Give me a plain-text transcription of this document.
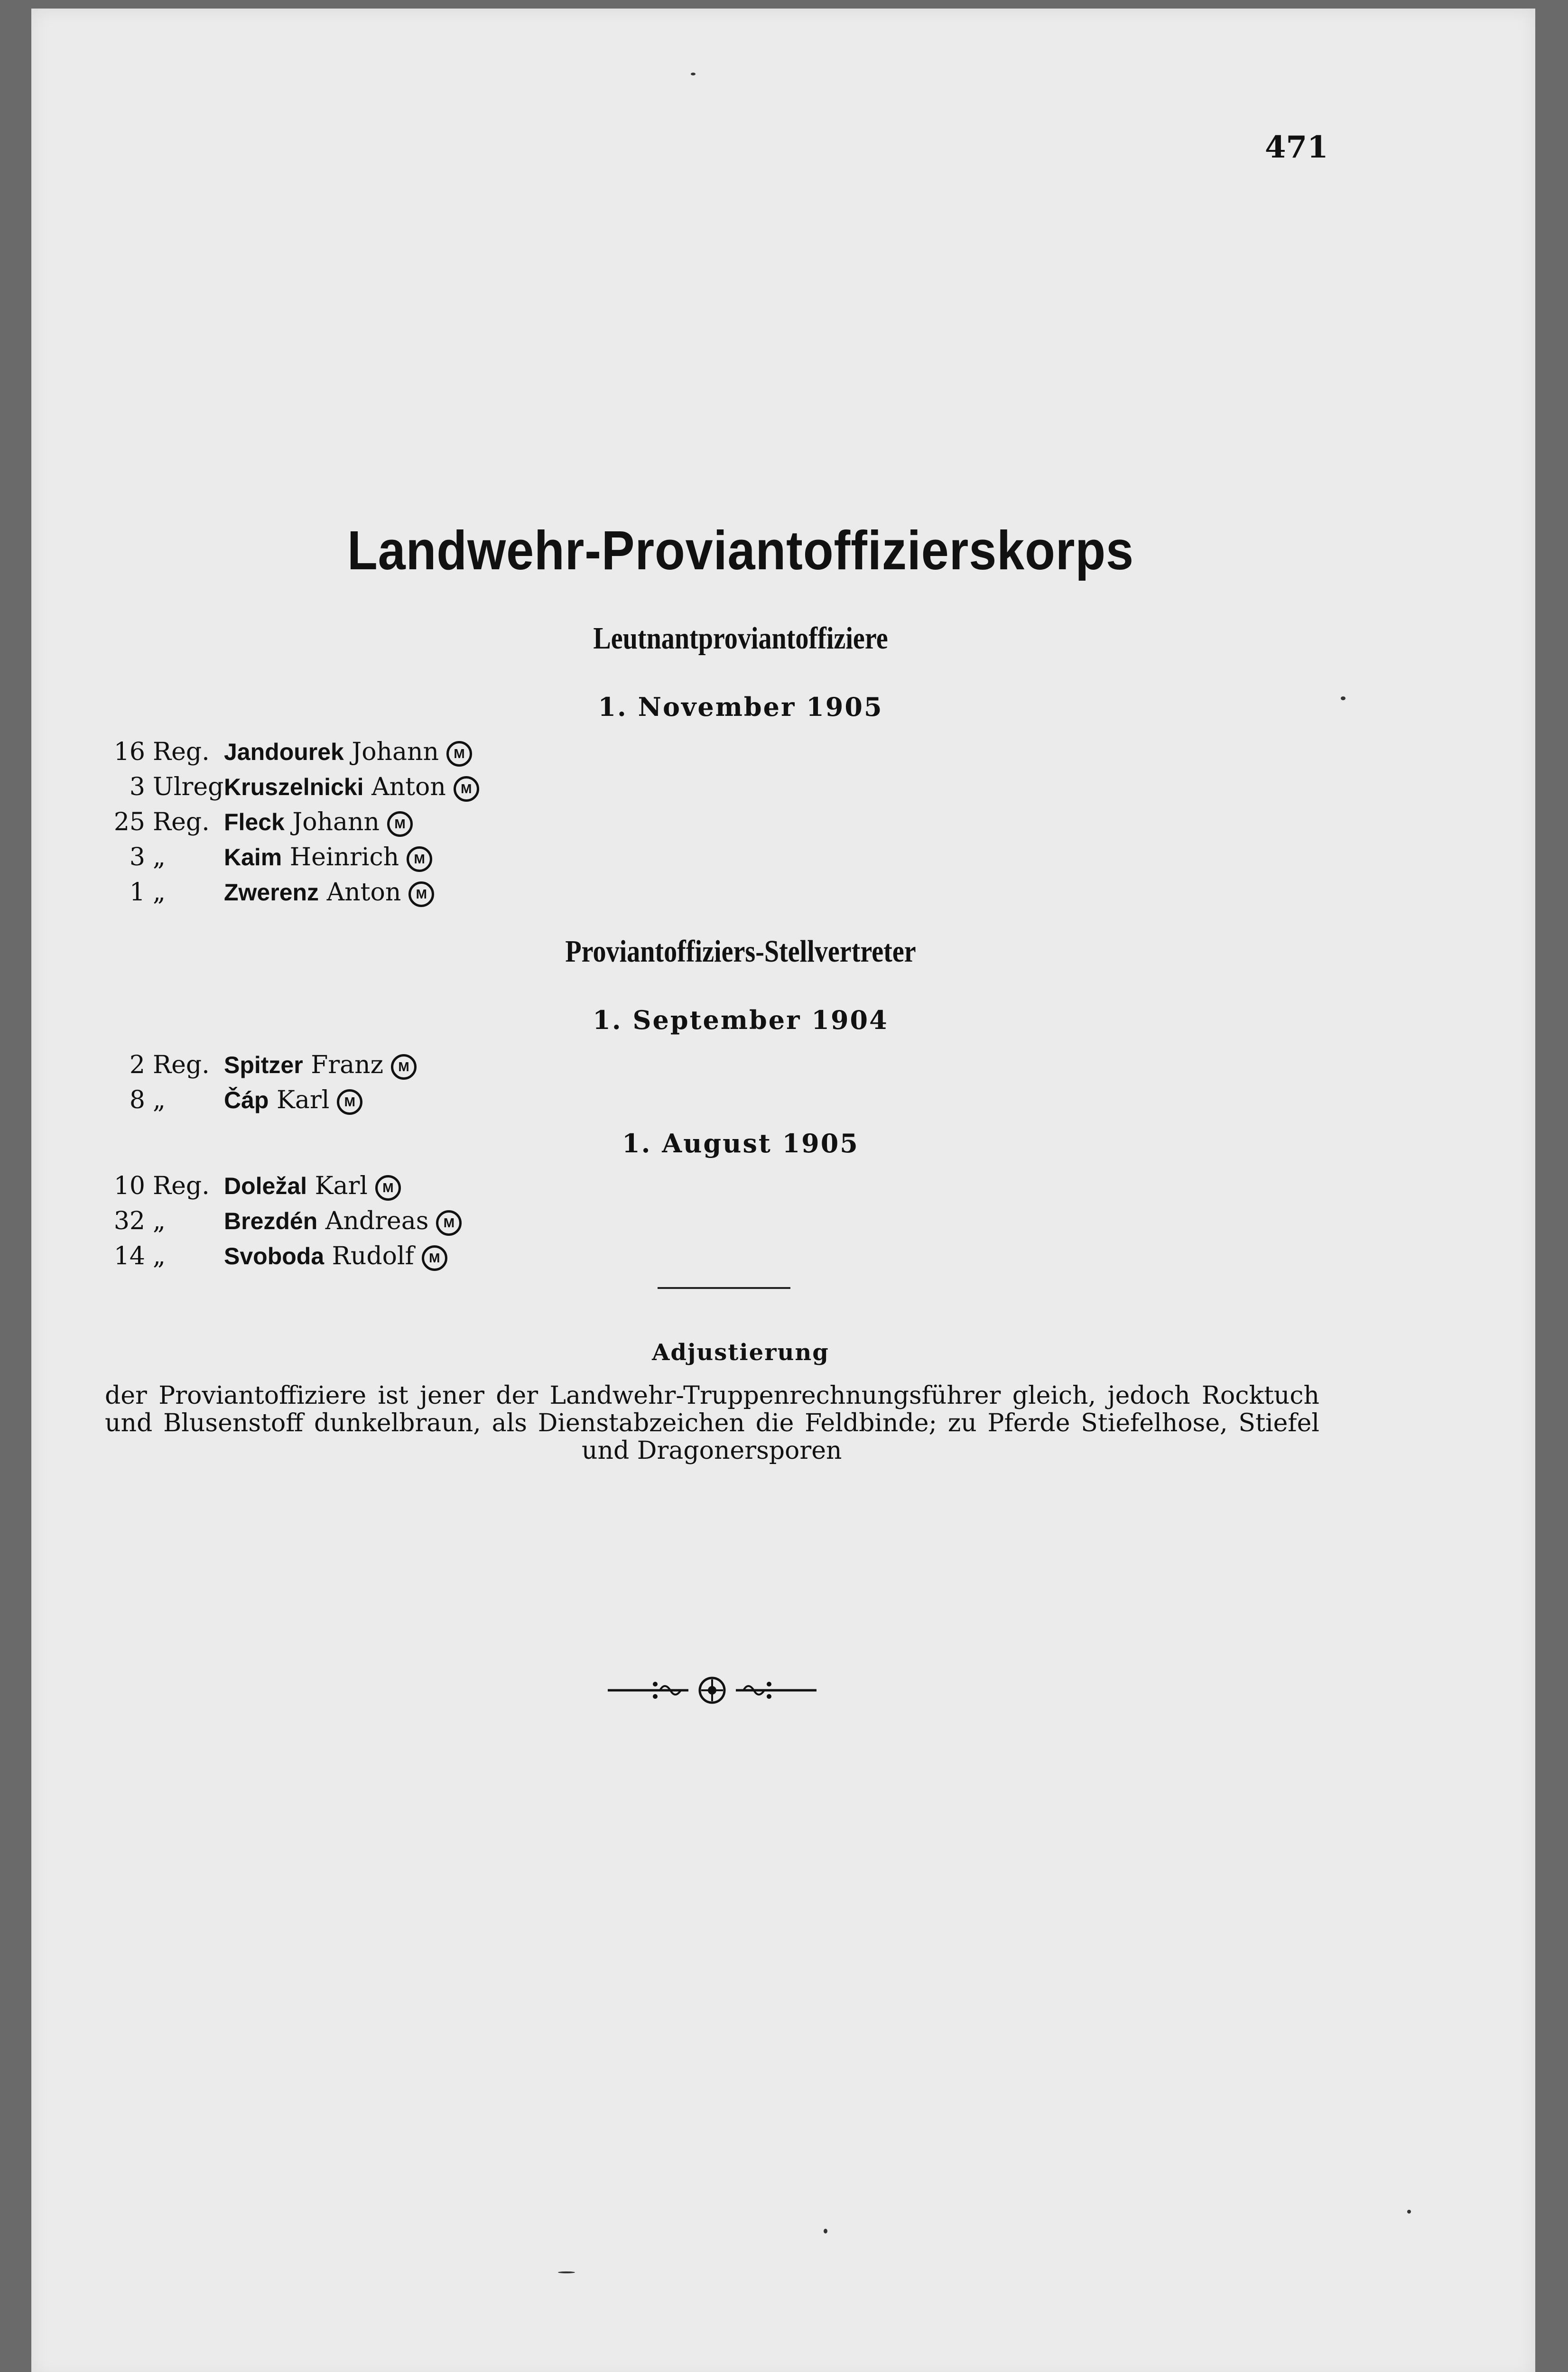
471
Landwehr-Proviantoffizierskorps
Leutnantproviantoffiziere
1. November 1905
16 Reg. Jandourek Johann M
3 Ulreg.Kruszelnicki Anton M
25 Reg. Fleck Johann M
3 „ Kaim Heinrich M
1 „ Zwerenz Anton M
Proviantoffiziers-Stellvertreter
1. September 1904
2 Reg. Spitzer Franz M
8 „ Čáp Karl M
1. August 1905
10 Reg. Doležal Karl M
32 „ Brezdén Andreas M
14 „ Svoboda Rudolf M
Adjustierung
der Proviantoffiziere ist jener der Landwehr-Truppenrechnungsführer gleich, jedoch Rocktuch
und Blusenstoff dunkelbraun, als Dienstabzeichen die Feldbinde; zu Pferde Stiefelhose, Stiefel
und Dragonersporen
